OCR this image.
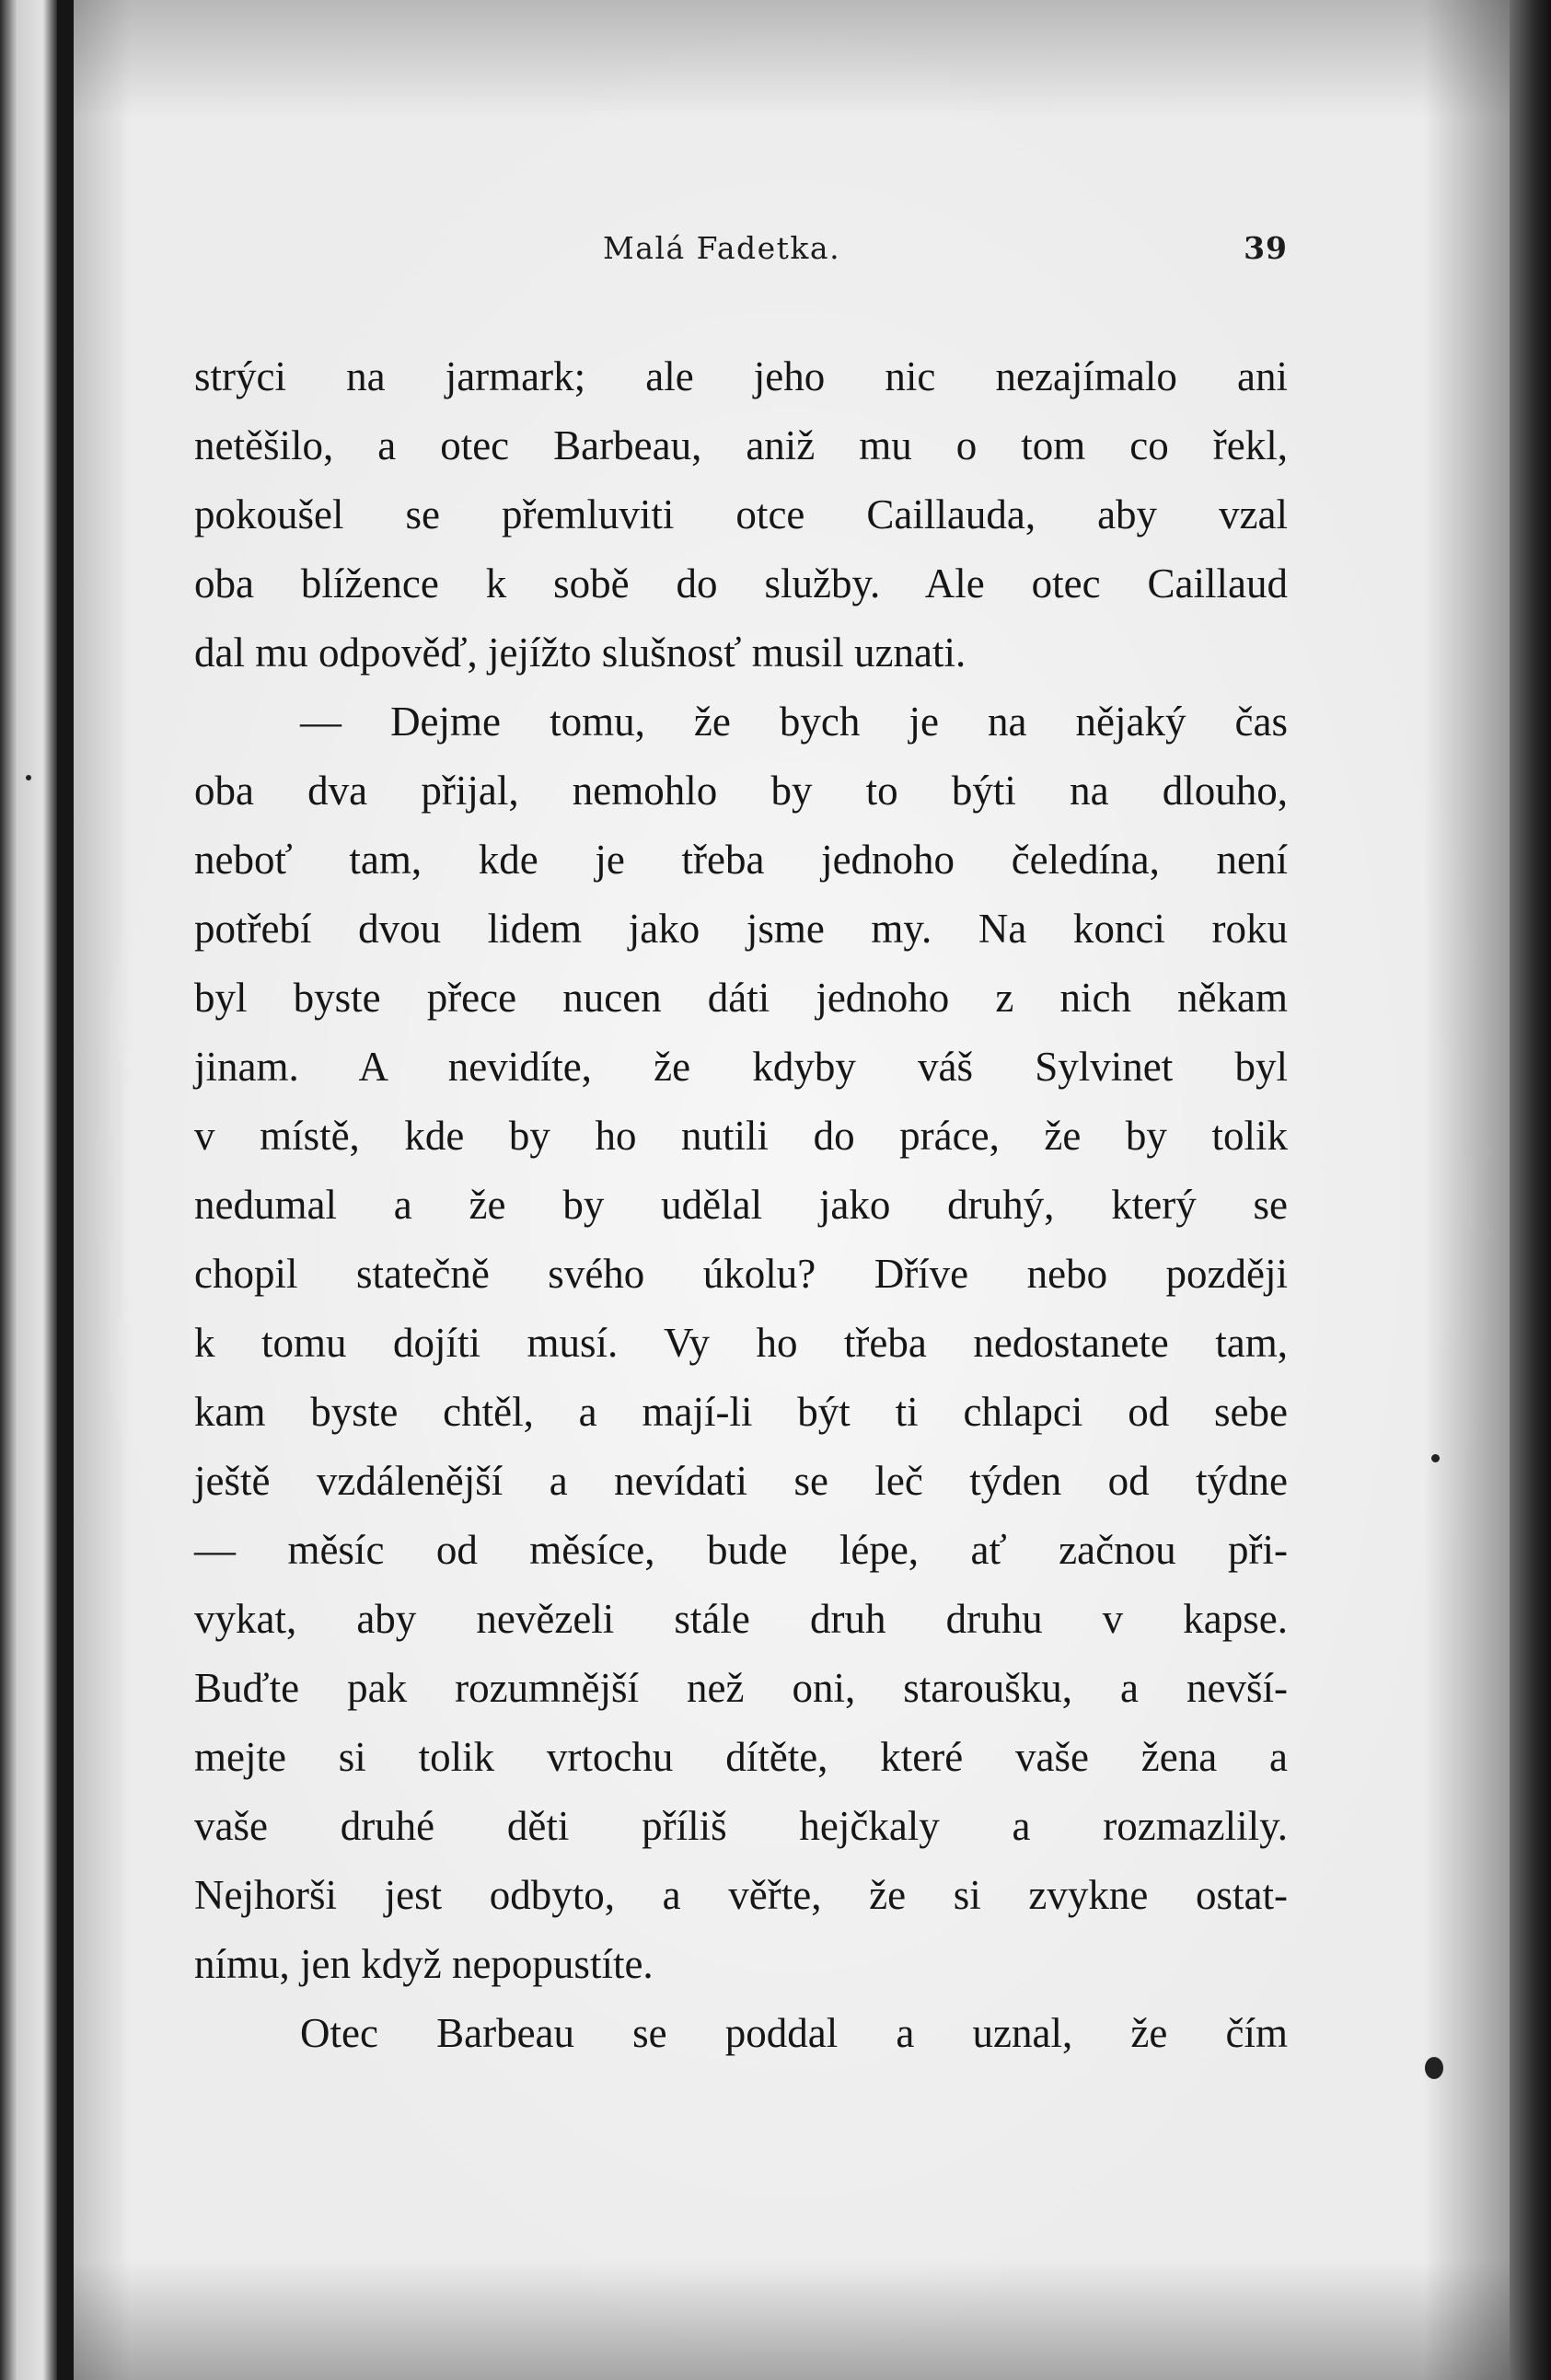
Malá Fadetka.	39
strýci na jarmark; ale jeho nic nezajímalo ani
netěšilo, a otec Barbeau, aniž mu o tom co řekl,
pokoušel se přemluviti otce Caillauda, aby vzal
oba blížence k sobě do služby. Ale otec Caillaud
dal mu odpověď, jejížto slušnosť musil uznati.
— Dejme tomu, že bych je na nějaký čas
oba dva přijal, nemohlo by to býti na dlouho,
neboť tam, kde je třeba jednoho čeledína, není
potřebí dvou lidem jako jsme my. Na konci roku
byl byste přece nucen dáti jednoho z nich někam
jinam. A nevidíte, že kdyby váš Sylvinet byl
v místě, kde by ho nutili do práce, že by tolik
nedumal a že by udělal jako druhý, který se
chopil statečně svého úkolu? Dříve nebo později
k tomu dojíti musí. Vy ho třeba nedostanete tam,
kam byste chtěl, a mají-li být ti chlapci od sebe
ještě vzdálenější a nevídati se leč týden od týdne
— měsíc od měsíce, bude lépe, ať začnou při-
vykat, aby nevězeli stále druh druhu v kapse.
Buďte pak rozumnější než oni, staroušku, a nevší-
mejte si tolik vrtochu dítěte, které vaše žena a
vaše druhé děti příliš hejčkaly a rozmazlily.
Nejhorši jest odbyto, a věřte, že si zvykne ostat-
nímu, jen když nepopustíte.
Otec Barbeau se poddal a uznal, že čím
